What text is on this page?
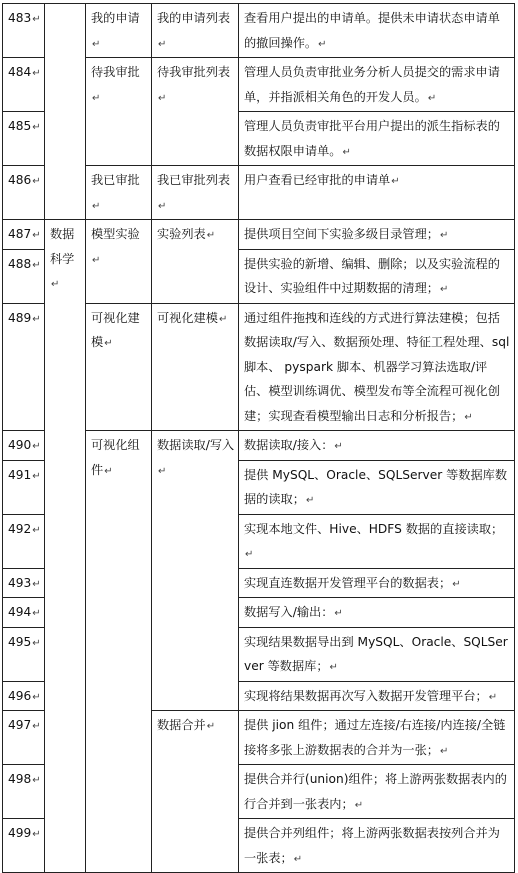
483↵		我的申请↵	我的申请列表↵	查看用户提出的申请单。提供未申请状态申请单的撤回操作。↵
484↵		待我审批↵	待我审批列表↵	管理人员负责审批业务分析人员提交的需求申请单，并指派相关角色的开发人员。↵
485↵				管理人员负责审批平台用户提出的派生指标表的数据权限申请单。↵
486↵		我已审批↵	我已审批列表↵	用户查看已经审批的申请单↵
487↵	数据科学↵	模型实验↵	实验列表↵	提供项目空间下实验多级目录管理；↵
488↵				提供实验的新增、编辑、删除；以及实验流程的设计、实验组件中过期数据的清理；↵
489↵		可视化建模↵	可视化建模↵	通过组件拖拽和连线的方式进行算法建模；包括数据读取/写入、数据预处理、特征工程处理、sql脚本、 pyspark 脚本、机器学习算法选取/评估、模型训练调优、模型发布等全流程可视化创建；实现查看模型输出日志和分析报告；↵
490↵		可视化组件↵	数据读取/写入↵	数据读取/接入：↵
491↵				提供 MySQL、Oracle、SQLServer 等数据库数据的读取；↵
492↵				实现本地文件、Hive、HDFS 数据的直接读取；↵
493↵				实现直连数据开发管理平台的数据表；↵
494↵				数据写入/输出：↵
495↵				实现结果数据导出到 MySQL、Oracle、SQLServer 等数据库；↵
496↵				实现将结果数据再次写入数据开发管理平台；↵
497↵			数据合并↵	提供 jion 组件；通过左连接/右连接/内连接/全链接将多张上游数据表的合并为一张；↵
498↵				提供合并行(union)组件；将上游两张数据表内的行合并到一张表内；↵
499↵				提供合并列组件；将上游两张数据表按列合并为一张表；↵
